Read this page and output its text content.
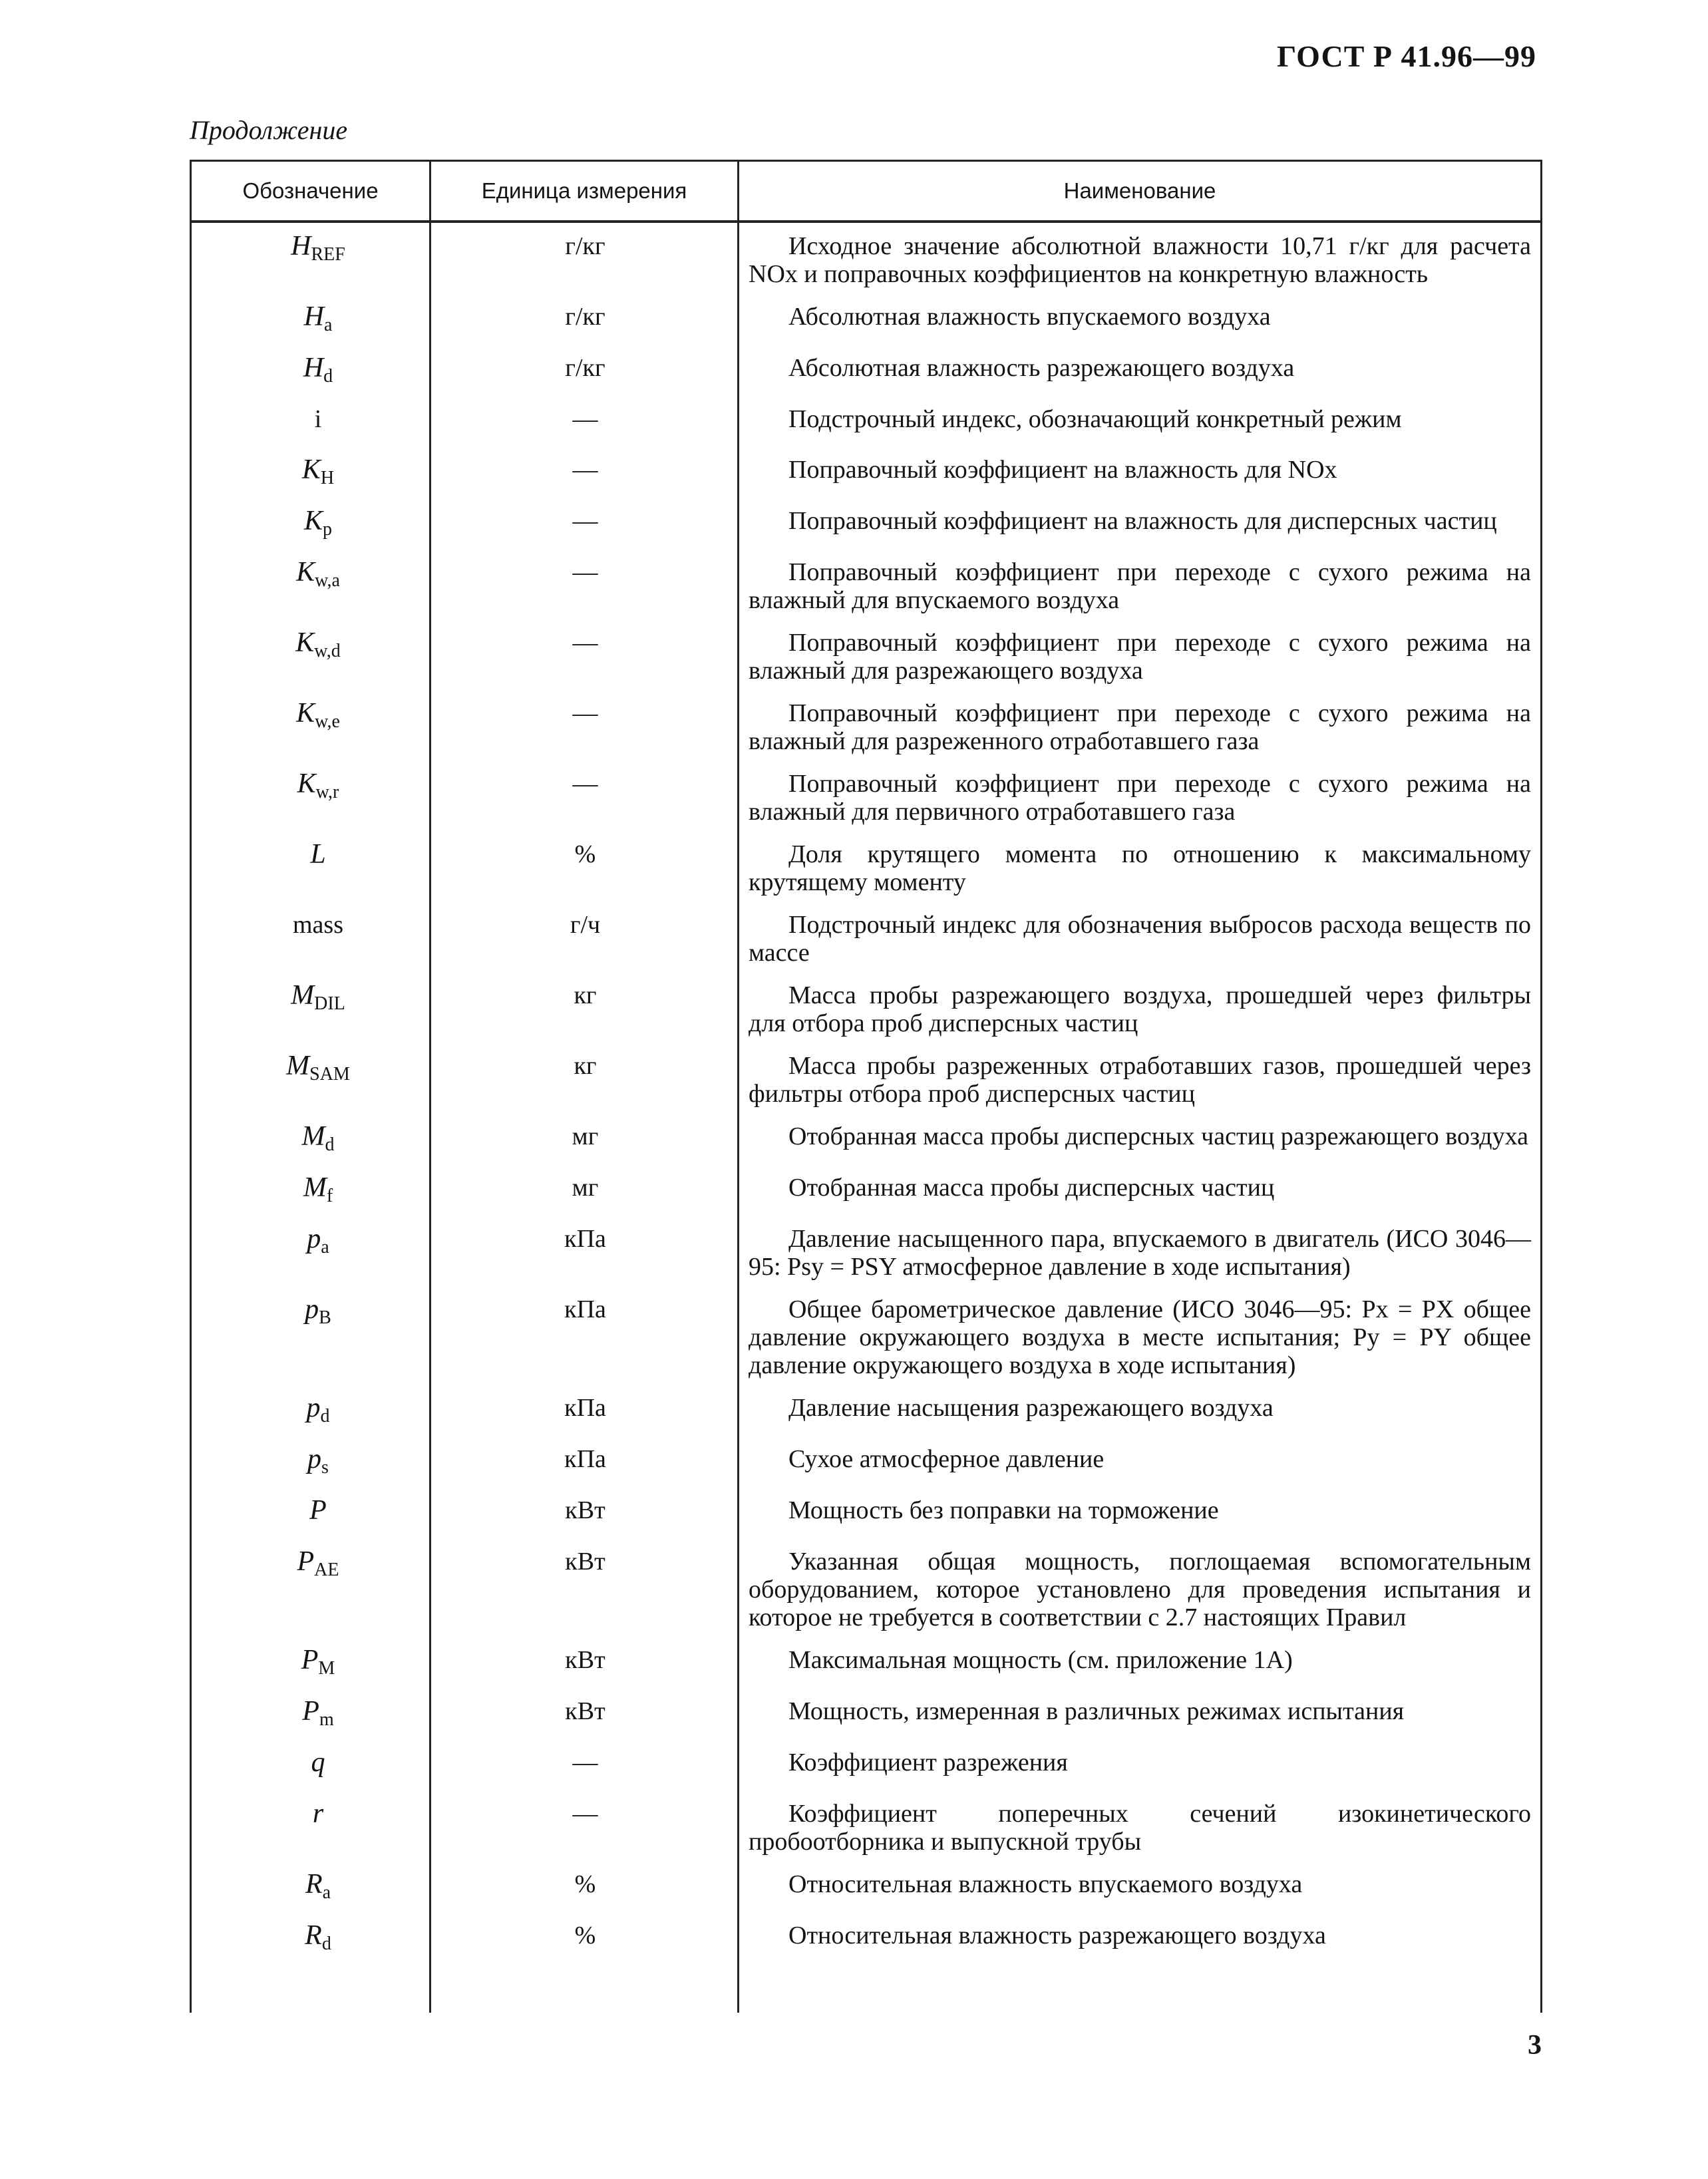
ГОСТ Р 41.96—99
Продолжение
Обозначение	Единица измерения	Наименование
$H_{REF}$	г/кг	Исходное значение абсолютной влажности 10,71 г/кг для расчета NOx и поправочных коэффициентов на конкретную влажность
$H_a$	г/кг	Абсолютная влажность впускаемого воздуха
$H_d$	г/кг	Абсолютная влажность разрежающего воздуха
i	—	Подстрочный индекс, обозначающий конкретный режим
$K_H$	—	Поправочный коэффициент на влажность для NOx
$K_p$	—	Поправочный коэффициент на влажность для дисперсных частиц
$K_{w,a}$	—	Поправочный коэффициент при переходе с сухого режима на влажный для впускаемого воздуха
$K_{w,d}$	—	Поправочный коэффициент при переходе с сухого режима на влажный для разрежающего воздуха
$K_{w,e}$	—	Поправочный коэффициент при переходе с сухого режима на влажный для разреженного отработавшего газа
$K_{w,r}$	—	Поправочный коэффициент при переходе с сухого режима на влажный для первичного отработавшего газа
L	%	Доля крутящего момента по отношению к максимальному крутящему моменту
mass	г/ч	Подстрочный индекс для обозначения выбросов расхода веществ по массе
$M_{DIL}$	кг	Масса пробы разрежающего воздуха, прошедшей через фильтры для отбора проб дисперсных частиц
$M_{SAM}$	кг	Масса пробы разреженных отработавших газов, прошедшей через фильтры отбора проб дисперсных частиц
$M_d$	мг	Отобранная масса пробы дисперсных частиц разрежающего воздуха
$M_f$	мг	Отобранная масса пробы дисперсных частиц
$p_a$	кПа	Давление насыщенного пара, впускаемого в двигатель (ИСО 3046—95: Psy = PSY атмосферное давление в ходе испытания)
$p_B$	кПа	Общее барометрическое давление (ИСО 3046—95: Px = PX общее давление окружающего воздуха в месте испытания; Py = PY общее давление окружающего воздуха в ходе испытания)
$p_d$	кПа	Давление насыщения разрежающего воздуха
$p_s$	кПа	Сухое атмосферное давление
P	кВт	Мощность без поправки на торможение
$P_{AE}$	кВт	Указанная общая мощность, поглощаемая вспомогательным оборудованием, которое установлено для проведения испытания и которое не требуется в соответствии с 2.7 настоящих Правил
$P_M$	кВт	Максимальная мощность (см. приложение 1А)
$P_m$	кВт	Мощность, измеренная в различных режимах испытания
q	—	Коэффициент разрежения
r	—	Коэффициент поперечных сечений изокинетического пробоотборника и выпускной трубы
$R_a$	%	Относительная влажность впускаемого воздуха
$R_d$	%	Относительная влажность разрежающего воздуха
3
